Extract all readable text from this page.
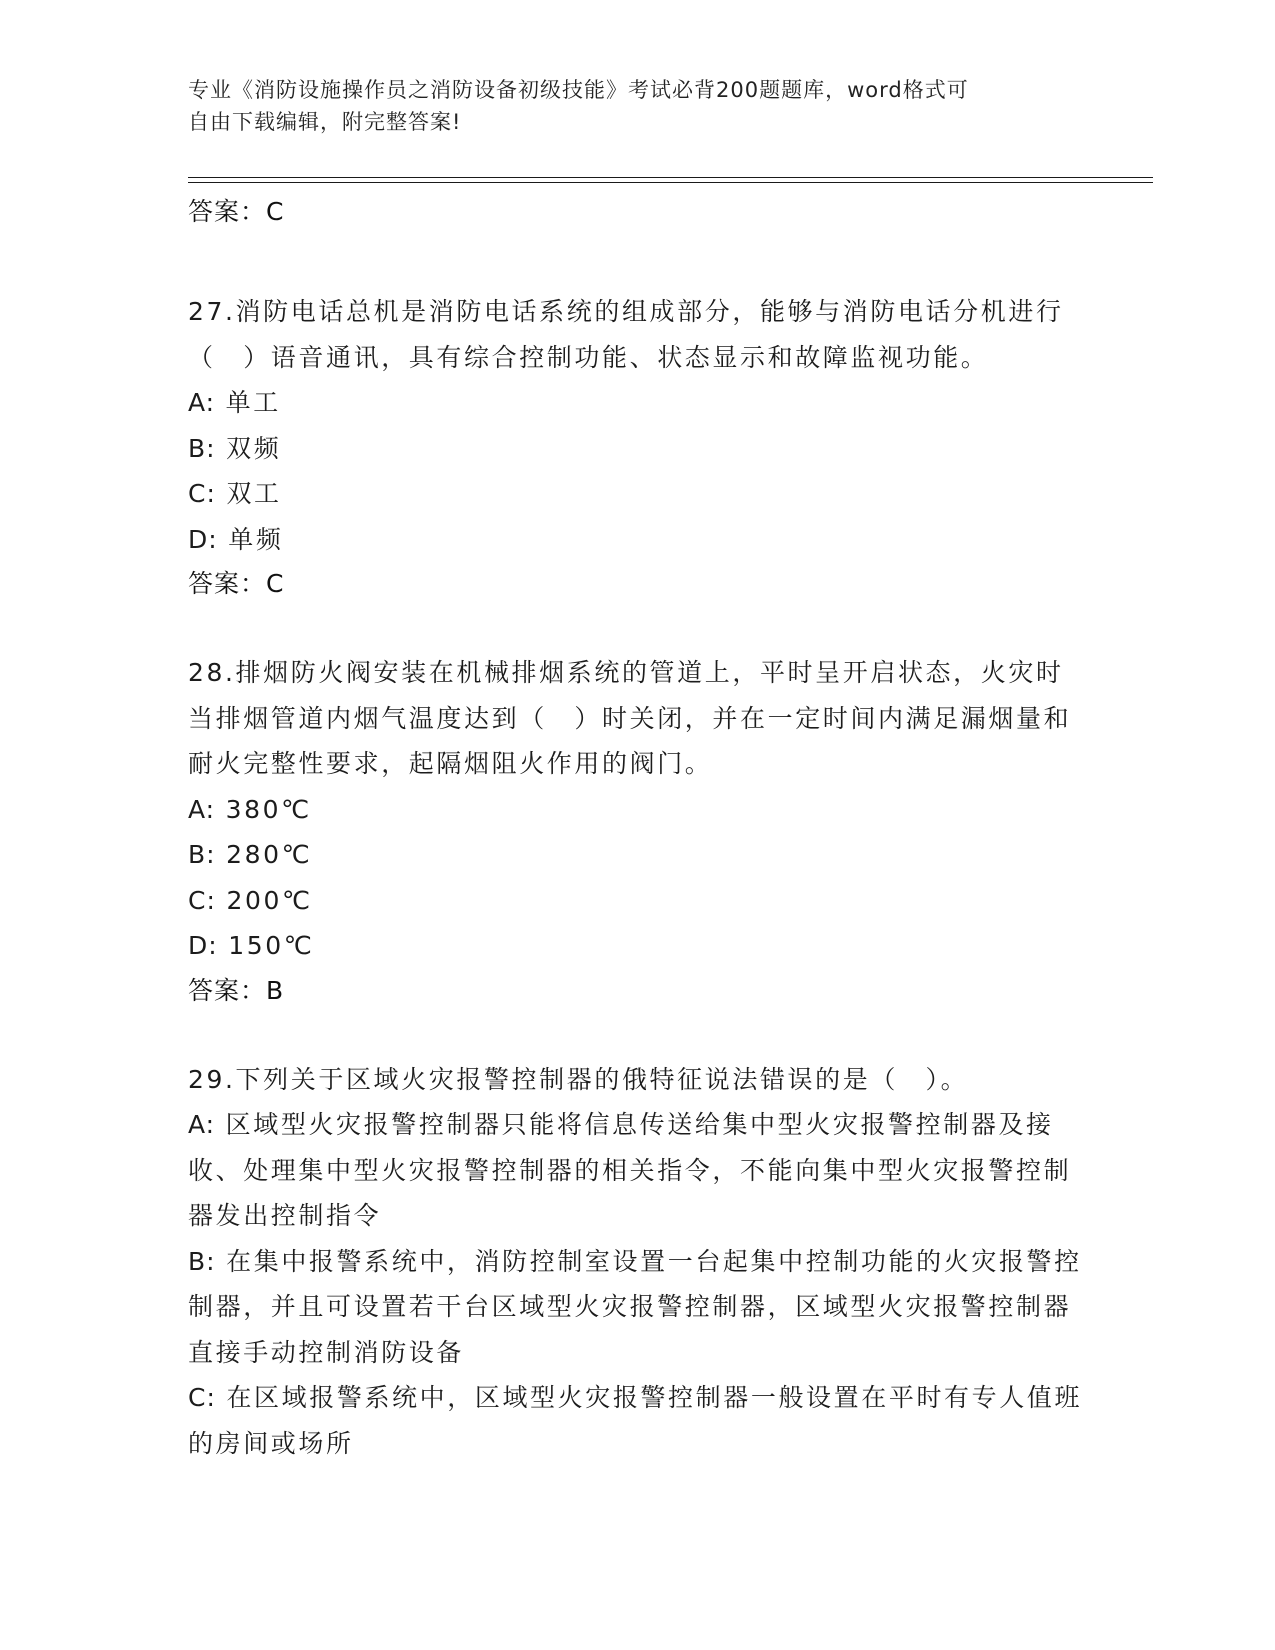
专业《消防设施操作员之消防设备初级技能》考试必背200题题库，word格式可
自由下载编辑，附完整答案!
答案：C
27.消防电话总机是消防电话系统的组成部分，能够与消防电话分机进行（　）语音通讯，具有综合控制功能、状态显示和故障监视功能。
A: 单工
B: 双频
C: 双工
D: 单频
答案：C
28.排烟防火阀安装在机械排烟系统的管道上，平时呈开启状态，火灾时当排烟管道内烟气温度达到（　）时关闭，并在一定时间内满足漏烟量和耐火完整性要求，起隔烟阻火作用的阀门。
A: 380℃
B: 280℃
C: 200℃
D: 150℃
答案：B
29.下列关于区域火灾报警控制器的俄特征说法错误的是（　）。
A: 区域型火灾报警控制器只能将信息传送给集中型火灾报警控制器及接收、处理集中型火灾报警控制器的相关指令，不能向集中型火灾报警控制器发出控制指令
B: 在集中报警系统中，消防控制室设置一台起集中控制功能的火灾报警控制器，并且可设置若干台区域型火灾报警控制器，区域型火灾报警控制器直接手动控制消防设备
C: 在区域报警系统中，区域型火灾报警控制器一般设置在平时有专人值班的房间或场所
